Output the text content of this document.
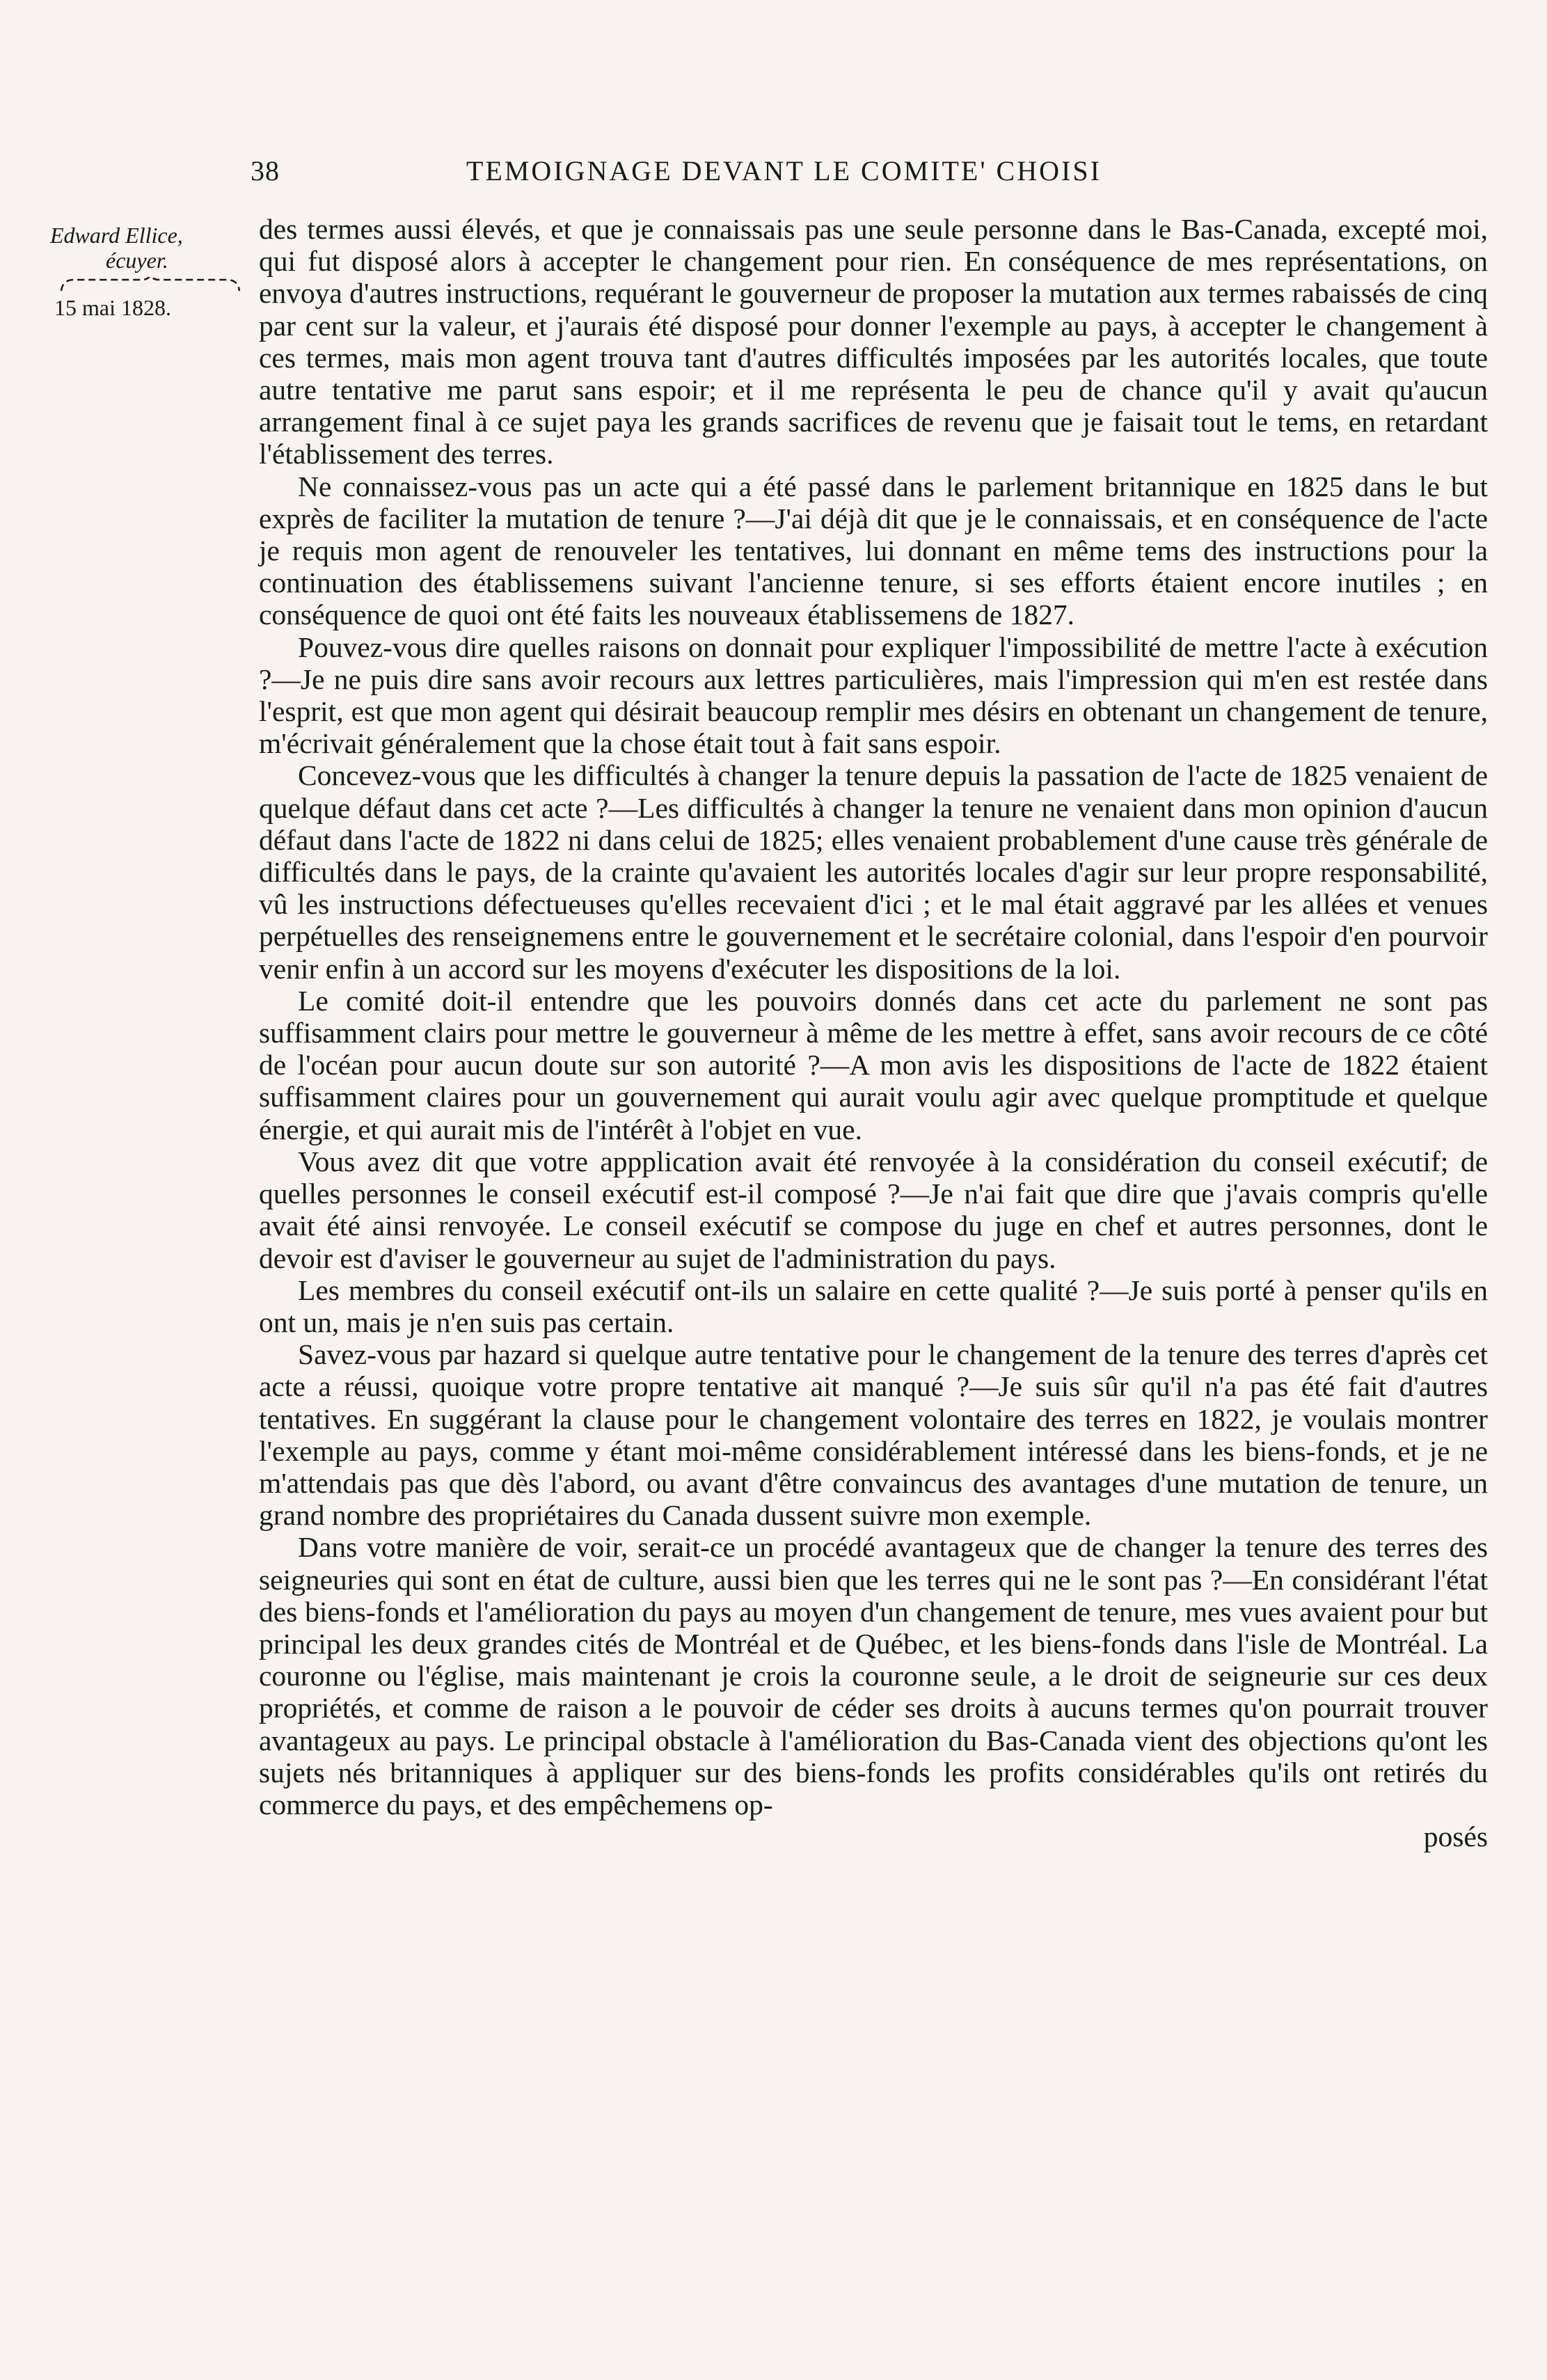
38	TEMOIGNAGE DEVANT LE COMITE' CHOISI
Edward Ellice,
écuyer.
15 mai 1828.

des termes aussi élevés, et que je connaissais pas une seule personne dans le Bas-Canada, excepté moi, qui fut disposé alors à accepter le changement pour rien. En conséquence de mes représentations, on envoya d'autres instructions, requérant le gouverneur de proposer la mutation aux termes rabaissés de cinq par cent sur la valeur, et j'aurais été disposé pour donner l'exemple au pays, à accepter le changement à ces termes, mais mon agent trouva tant d'autres difficultés imposées par les autorités locales, que toute autre tentative me parut sans espoir; et il me représenta le peu de chance qu'il y avait qu'aucun arrangement final à ce sujet paya les grands sacrifices de revenu que je faisait tout le tems, en retardant l'établissement des terres.

Ne connaissez-vous pas un acte qui a été passé dans le parlement britannique en 1825 dans le but exprès de faciliter la mutation de tenure ?—J'ai déjà dit que je le connaissais, et en conséquence de l'acte je requis mon agent de renouveler les tentatives, lui donnant en même tems des instructions pour la continuation des établissemens suivant l'ancienne tenure, si ses efforts étaient encore inutiles ; en conséquence de quoi ont été faits les nouveaux établissemens de 1827.

Pouvez-vous dire quelles raisons on donnait pour expliquer l'impossibilité de mettre l'acte à exécution ?—Je ne puis dire sans avoir recours aux lettres particulières, mais l'impression qui m'en est restée dans l'esprit, est que mon agent qui désirait beaucoup remplir mes désirs en obtenant un changement de tenure, m'écrivait généralement que la chose était tout à fait sans espoir.

Concevez-vous que les difficultés à changer la tenure depuis la passation de l'acte de 1825 venaient de quelque défaut dans cet acte ?—Les difficultés à changer la tenure ne venaient dans mon opinion d'aucun défaut dans l'acte de 1822 ni dans celui de 1825; elles venaient probablement d'une cause très générale de difficultés dans le pays, de la crainte qu'avaient les autorités locales d'agir sur leur propre responsabilité, vû les instructions défectueuses qu'elles recevaient d'ici ; et le mal était aggravé par les allées et venues perpétuelles des renseignemens entre le gouvernement et le secrétaire colonial, dans l'espoir d'en pourvoir venir enfin à un accord sur les moyens d'exécuter les dispositions de la loi.

Le comité doit-il entendre que les pouvoirs donnés dans cet acte du parlement ne sont pas suffisamment clairs pour mettre le gouverneur à même de les mettre à effet, sans avoir recours de ce côté de l'océan pour aucun doute sur son autorité ?—A mon avis les dispositions de l'acte de 1822 étaient suffisamment claires pour un gouvernement qui aurait voulu agir avec quelque promptitude et quelque énergie, et qui aurait mis de l'intérêt à l'objet en vue.

Vous avez dit que votre appplication avait été renvoyée à la considération du conseil exécutif; de quelles personnes le conseil exécutif est-il composé ?—Je n'ai fait que dire que j'avais compris qu'elle avait été ainsi renvoyée. Le conseil exécutif se compose du juge en chef et autres personnes, dont le devoir est d'aviser le gouverneur au sujet de l'administration du pays.

Les membres du conseil exécutif ont-ils un salaire en cette qualité ?—Je suis porté à penser qu'ils en ont un, mais je n'en suis pas certain.

Savez-vous par hazard si quelque autre tentative pour le changement de la tenure des terres d'après cet acte a réussi, quoique votre propre tentative ait manqué ?—Je suis sûr qu'il n'a pas été fait d'autres tentatives. En suggérant la clause pour le changement volontaire des terres en 1822, je voulais montrer l'exemple au pays, comme y étant moi-même considérablement intéressé dans les biens-fonds, et je ne m'attendais pas que dès l'abord, ou avant d'être convaincus des avantages d'une mutation de tenure, un grand nombre des propriétaires du Canada dussent suivre mon exemple.

Dans votre manière de voir, serait-ce un procédé avantageux que de changer la tenure des terres des seigneuries qui sont en état de culture, aussi bien que les terres qui ne le sont pas ?—En considérant l'état des biens-fonds et l'amélioration du pays au moyen d'un changement de tenure, mes vues avaient pour but principal les deux grandes cités de Montréal et de Québec, et les biens-fonds dans l'isle de Montréal. La couronne ou l'église, mais maintenant je crois la couronne seule, a le droit de seigneurie sur ces deux propriétés, et comme de raison a le pouvoir de céder ses droits à aucuns termes qu'on pourrait trouver avantageux au pays. Le principal obstacle à l'amélioration du Bas-Canada vient des objections qu'ont les sujets nés britanniques à appliquer sur des biens-fonds les profits considérables qu'ils ont retirés du commerce du pays, et des empêchemens op-

posés
